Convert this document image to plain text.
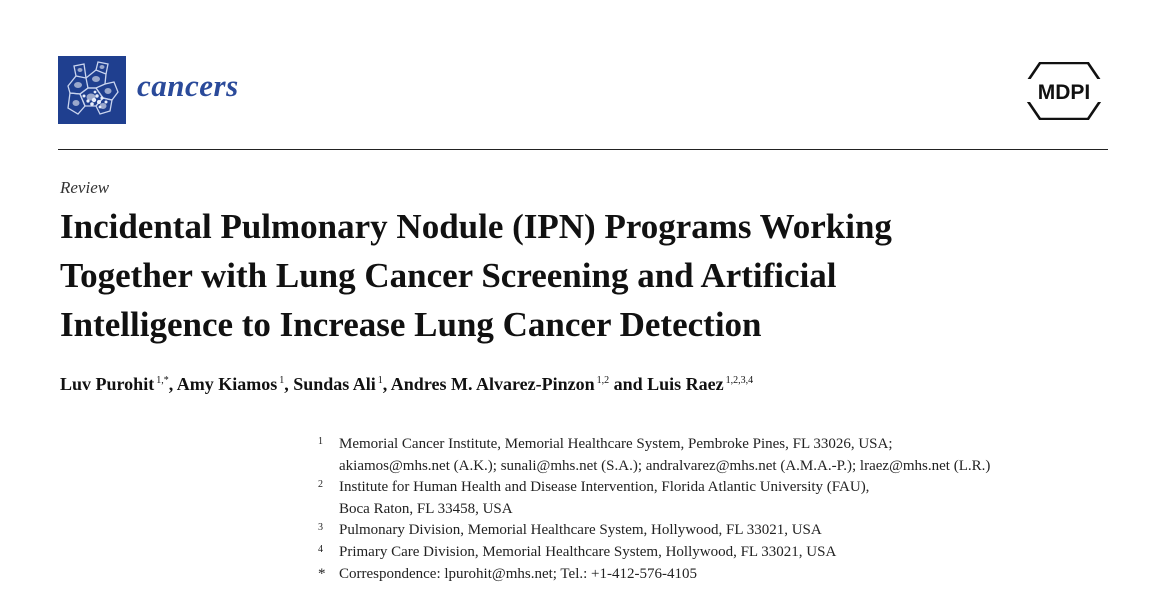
cancers	MDPI
Review
Incidental Pulmonary Nodule (IPN) Programs Working
Together with Lung Cancer Screening and Artificial
Intelligence to Increase Lung Cancer Detection
Luv Purohit $^{1,*}$, Amy Kiamos $^1$, Sundas Ali $^1$, Andres M. Alvarez-Pinzon $^{1,2}$ and Luis Raez $^{1,2,3,4}$
1 Memorial Cancer Institute, Memorial Healthcare System, Pembroke Pines, FL 33026, USA;
akiamos@mhs.net (A.K.); sunali@mhs.net (S.A.); andralvarez@mhs.net (A.M.A.-P.); lraez@mhs.net (L.R.)
2 Institute for Human Health and Disease Intervention, Florida Atlantic University (FAU),
Boca Raton, FL 33458, USA
3 Pulmonary Division, Memorial Healthcare System, Hollywood, FL 33021, USA
4 Primary Care Division, Memorial Healthcare System, Hollywood, FL 33021, USA
* Correspondence: lpurohit@mhs.net; Tel.: +1-412-576-4105
